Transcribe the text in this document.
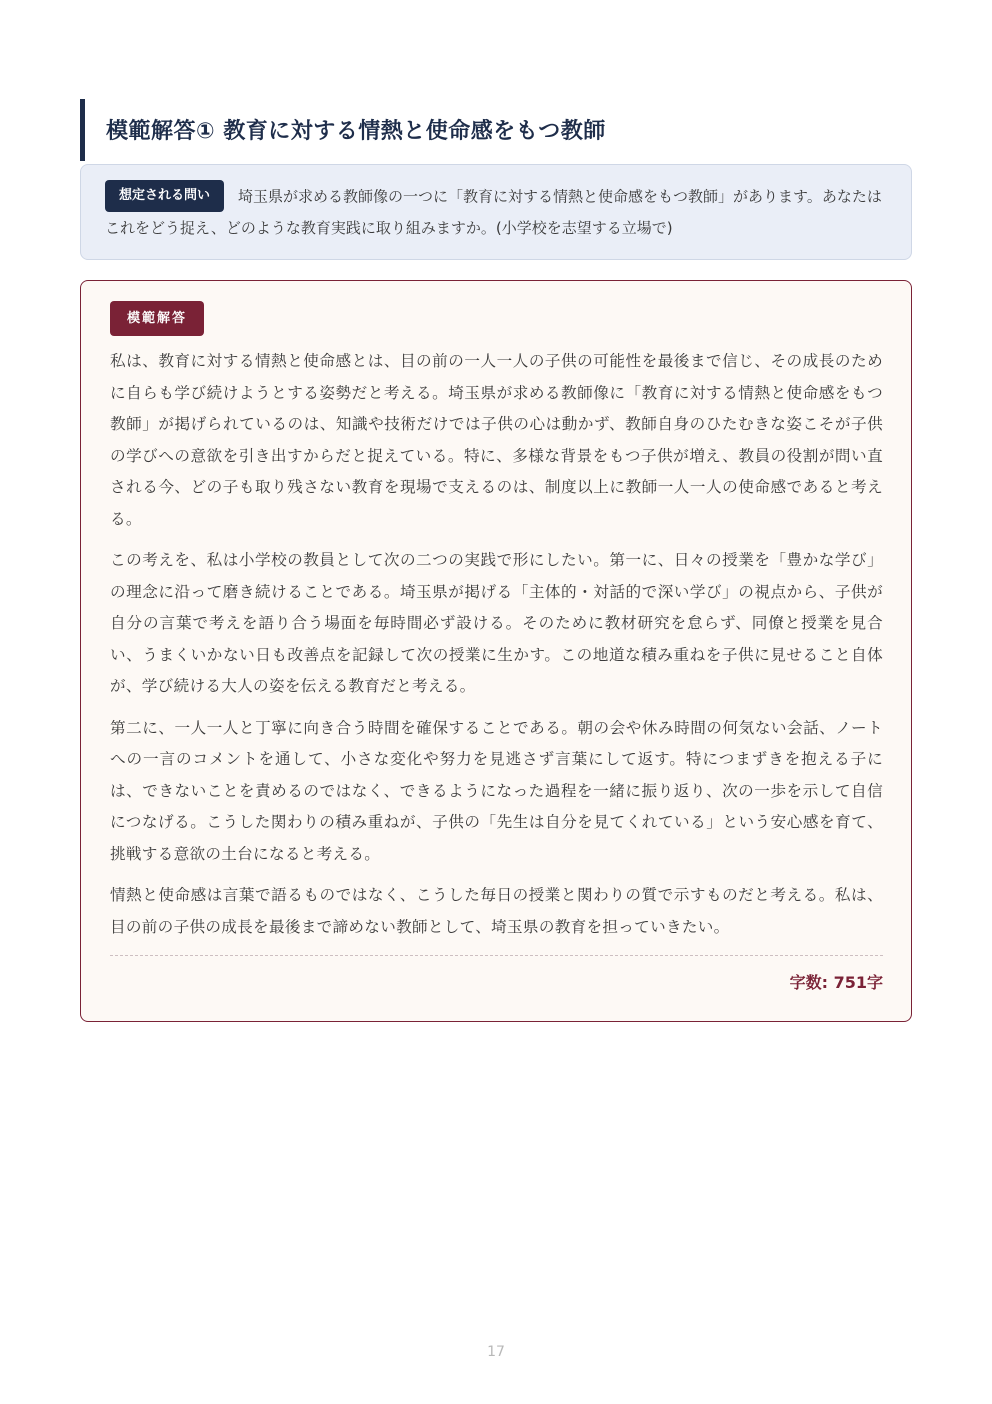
模範解答① 教育に対する情熱と使命感をもつ教師
想定される問い 埼玉県が求める教師像の一つに「教育に対する情熱と使命感をもつ教師」があります。あなたはこれをどう捉え、どのような教育実践に取り組みますか。(小学校を志望する立場で)
模範解答

私は、教育に対する情熱と使命感とは、目の前の一人一人の子供の可能性を最後まで信じ、その成長のために自らも学び続けようとする姿勢だと考える。埼玉県が求める教師像に「教育に対する情熱と使命感をもつ教師」が掲げられているのは、知識や技術だけでは子供の心は動かず、教師自身のひたむきな姿こそが子供の学びへの意欲を引き出すからだと捉えている。特に、多様な背景をもつ子供が増え、教員の役割が問い直される今、どの子も取り残さない教育を現場で支えるのは、制度以上に教師一人一人の使命感であると考える。

この考えを、私は小学校の教員として次の二つの実践で形にしたい。第一に、日々の授業を「豊かな学び」の理念に沿って磨き続けることである。埼玉県が掲げる「主体的・対話的で深い学び」の視点から、子供が自分の言葉で考えを語り合う場面を毎時間必ず設ける。そのために教材研究を怠らず、同僚と授業を見合い、うまくいかない日も改善点を記録して次の授業に生かす。この地道な積み重ねを子供に見せること自体が、学び続ける大人の姿を伝える教育だと考える。

第二に、一人一人と丁寧に向き合う時間を確保することである。朝の会や休み時間の何気ない会話、ノートへの一言のコメントを通して、小さな変化や努力を見逃さず言葉にして返す。特につまずきを抱える子には、できないことを責めるのではなく、できるようになった過程を一緒に振り返り、次の一歩を示して自信につなげる。こうした関わりの積み重ねが、子供の「先生は自分を見てくれている」という安心感を育て、挑戦する意欲の土台になると考える。

情熱と使命感は言葉で語るものではなく、こうした毎日の授業と関わりの質で示すものだと考える。私は、目の前の子供の成長を最後まで諦めない教師として、埼玉県の教育を担っていきたい。

字数: 751字
17
